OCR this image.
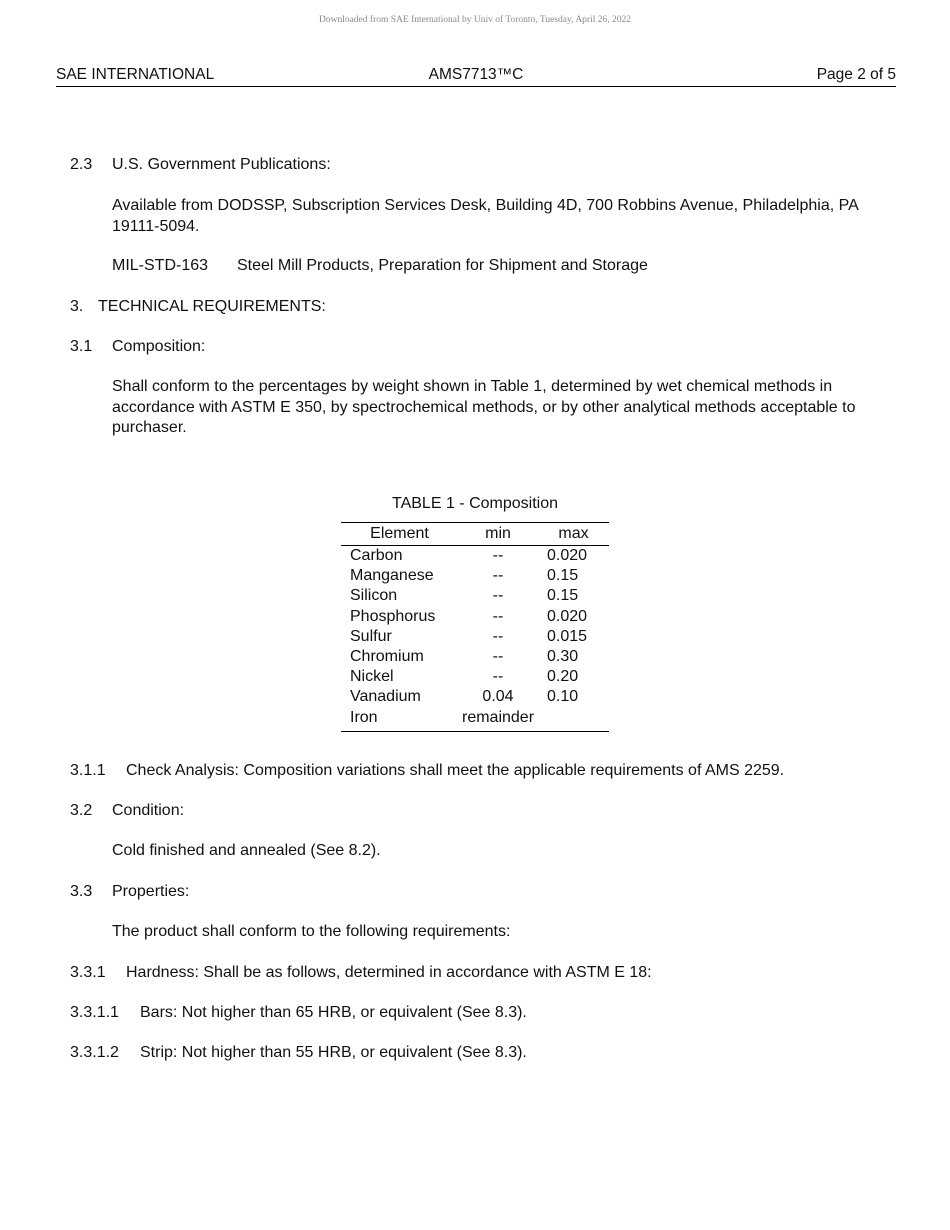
Downloaded from SAE International by Univ of Toronto, Tuesday, April 26, 2022
SAE INTERNATIONAL	AMS7713™C	Page 2 of 5
2.3 U.S. Government Publications:
Available from DODSSP, Subscription Services Desk, Building 4D, 700 Robbins Avenue, Philadelphia, PA 19111-5094.
MIL-STD-163 Steel Mill Products, Preparation for Shipment and Storage
3. TECHNICAL REQUIREMENTS:
3.1 Composition:
Shall conform to the percentages by weight shown in Table 1, determined by wet chemical methods in accordance with ASTM E 350, by spectrochemical methods, or by other analytical methods acceptable to purchaser.
TABLE 1 - Composition
Element	min	max
Carbon	--	0.020
Manganese	--	0.15
Silicon	--	0.15
Phosphorus	--	0.020
Sulfur	--	0.015
Chromium	--	0.30
Nickel	--	0.20
Vanadium	0.04	0.10
Iron	remainder	
3.1.1 Check Analysis: Composition variations shall meet the applicable requirements of AMS 2259.
3.2 Condition:
Cold finished and annealed (See 8.2).
3.3 Properties:
The product shall conform to the following requirements:
3.3.1 Hardness: Shall be as follows, determined in accordance with ASTM E 18:
3.3.1.1 Bars: Not higher than 65 HRB, or equivalent (See 8.3).
3.3.1.2 Strip: Not higher than 55 HRB, or equivalent (See 8.3).
